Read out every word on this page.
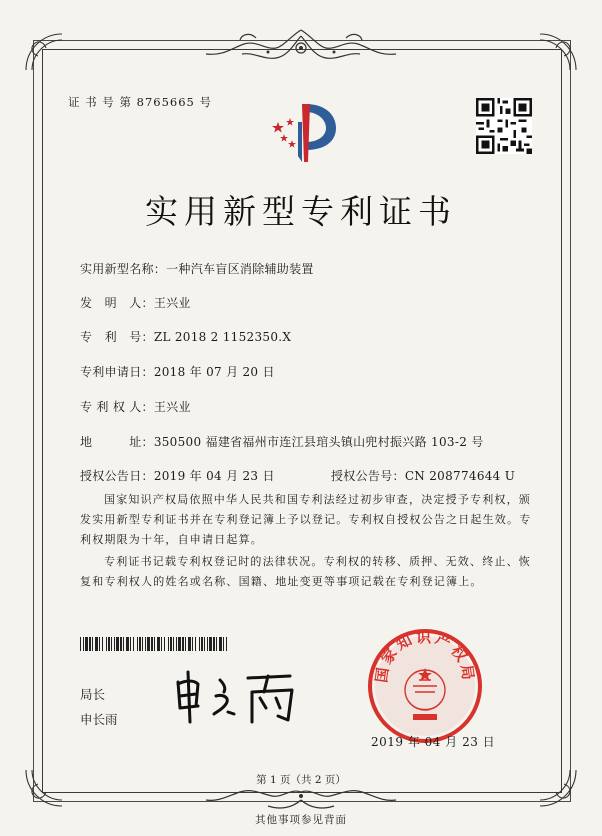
证 书 号 第 8765665 号
实用新型专利证书
实用新型名称：一种汽车盲区消除辅助装置
发　明　人：王兴业
专　利　号：ZL 2018 2 1152350.X
专利申请日：2018 年 07 月 20 日
专 利 权 人：王兴业
地　　　址：350500 福建省福州市连江县琯头镇山兜村振兴路 103-2 号
授权公告日：2019 年 04 月 23 日	授权公告号：CN 208774644 U
国家知识产权局依照中华人民共和国专利法经过初步审查，决定授予专利权，颁发实用新型专利证书并在专利登记簿上予以登记。专利权自授权公告之日起生效。专利权期限为十年，自申请日起算。
专利证书记载专利权登记时的法律状况。专利权的转移、质押、无效、终止、恢复和专利权人的姓名或名称、国籍、地址变更等事项记载在专利登记簿上。
局长
申长雨
国家知识产权局
2019 年 04 月 23 日
第 1 页（共 2 页）
其他事项参见背面
